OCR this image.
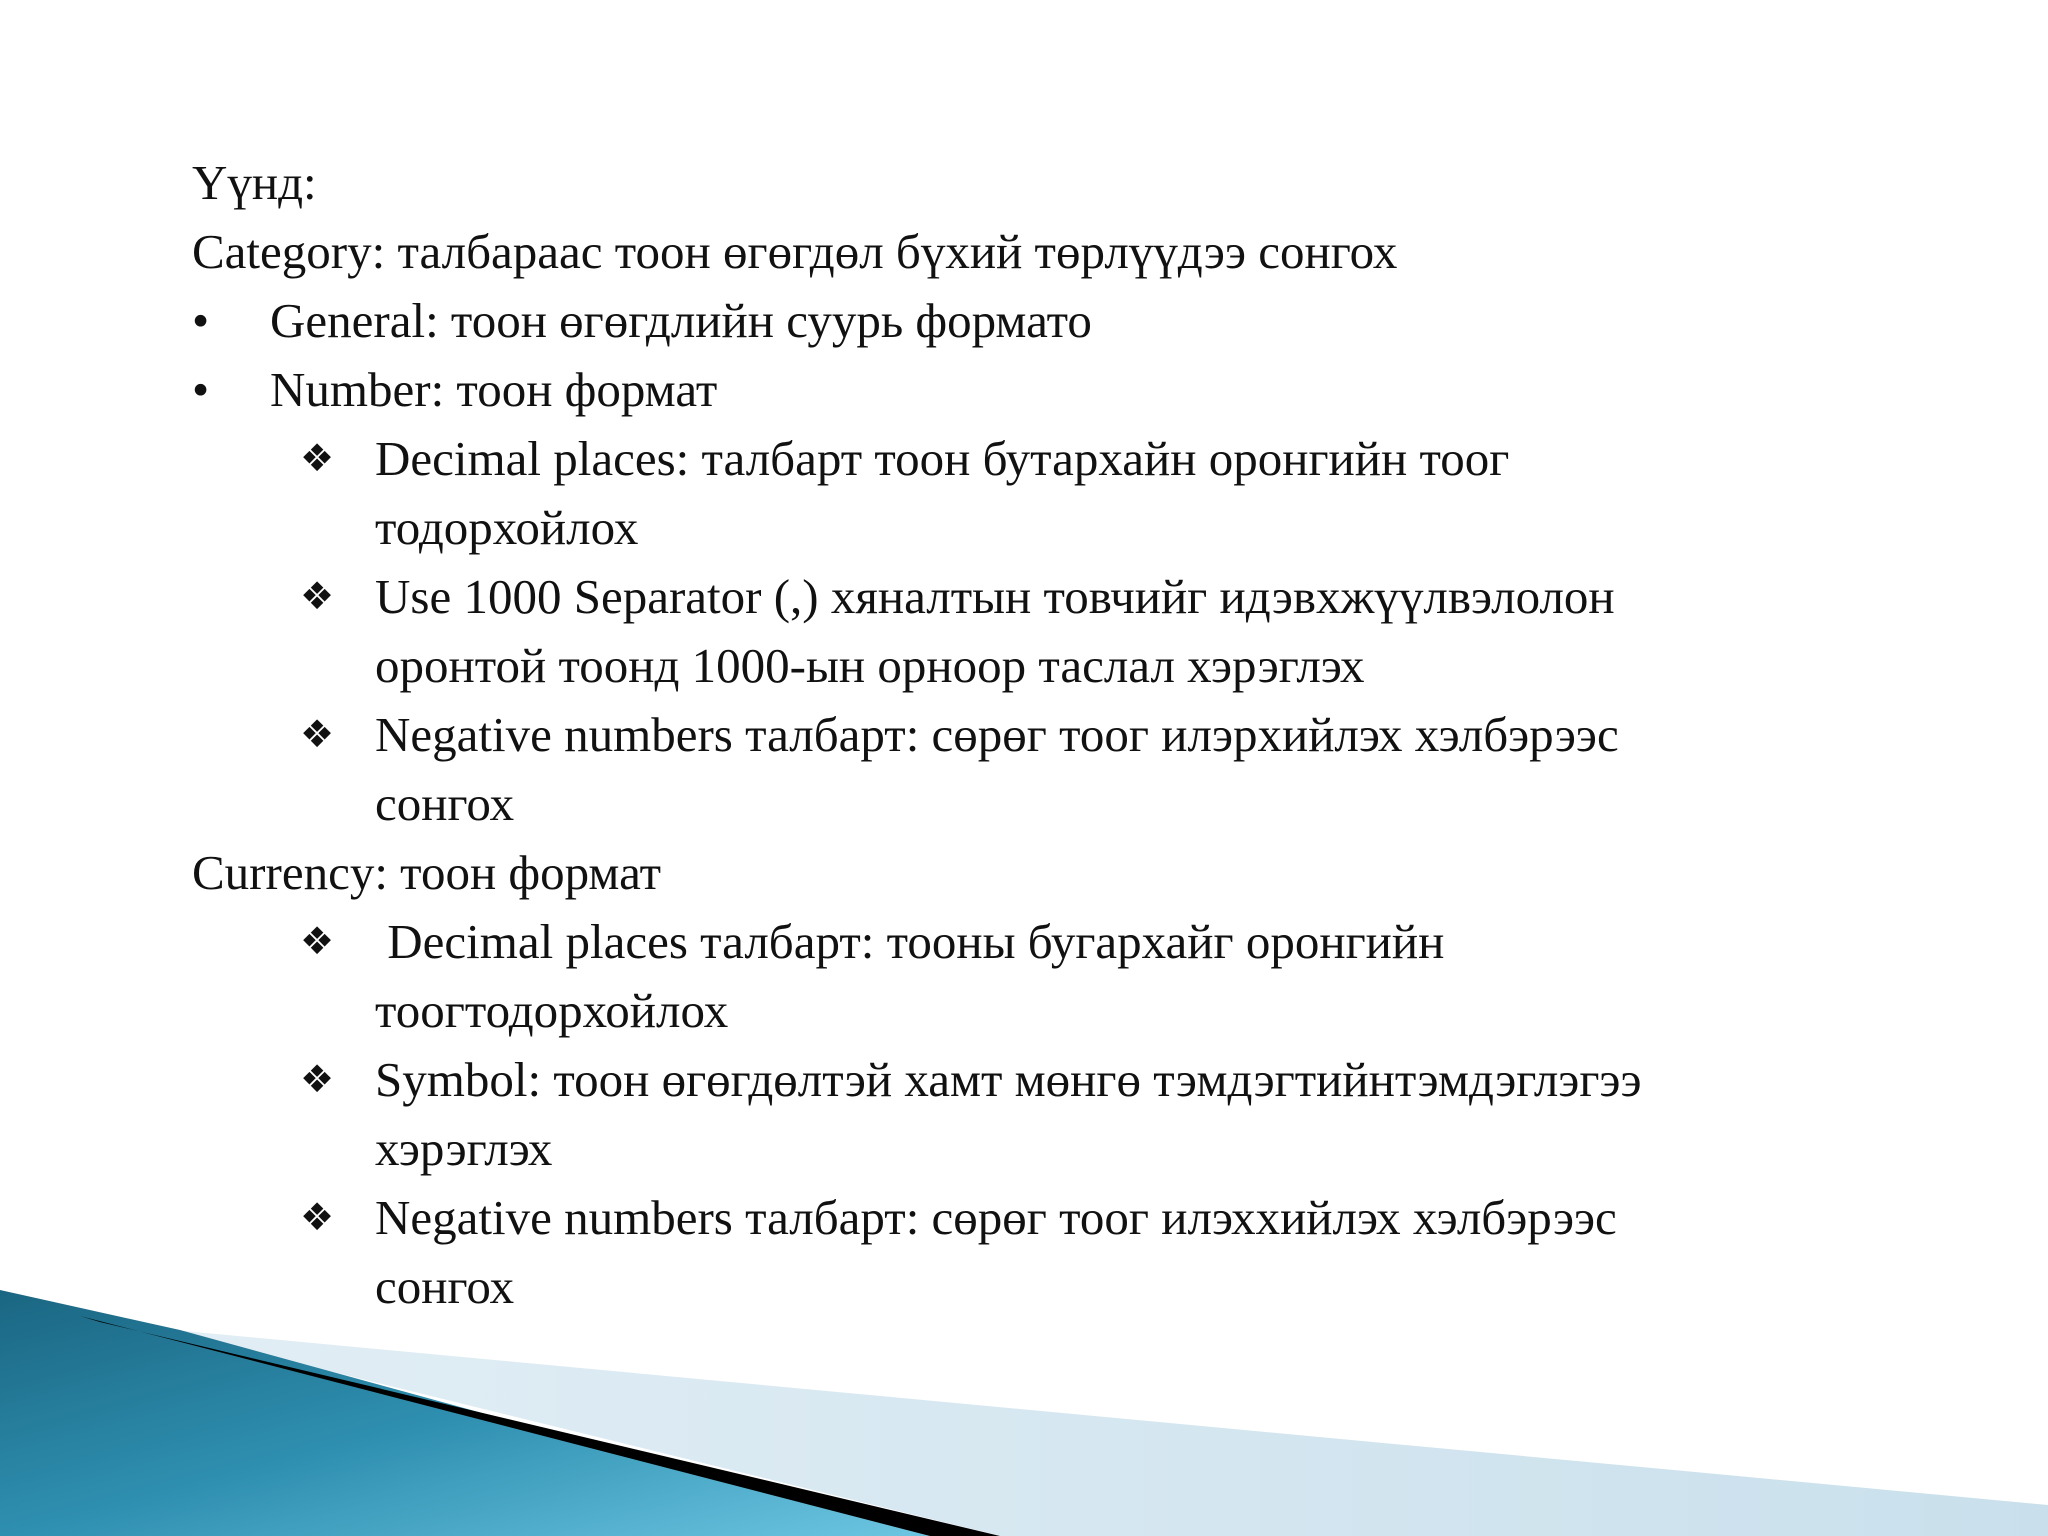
Үүнд:
Category: талбараас тоон өгөгдөл бүхий төрлүүдээ сонгох
• General: тоон өгөгдлийн суурь формато
• Number: тоон формат
❖ Decimal places: талбарт тоон бутархайн оронгийн тоог
тодорхойлох
❖ Use 1000 Separator (,) хяналтын товчийг идэвхжүүлвэлолон
оронтой тоонд 1000-ын орноор таслал хэрэглэх
❖ Negative numbers талбарт: сөрөг тоог илэрхийлэх хэлбэрээс
сонгох
Currency: тоон формат
❖ Decimal places талбарт: тооны бугархайг оронгийн
тоогтодорхойлох
❖ Symbol: тоон өгөгдөлтэй хамт мөнгө тэмдэгтийнтэмдэглэгээ
хэрэглэх
❖ Negative numbers талбарт: сөрөг тоог илэххийлэх хэлбэрээс
сонгох
